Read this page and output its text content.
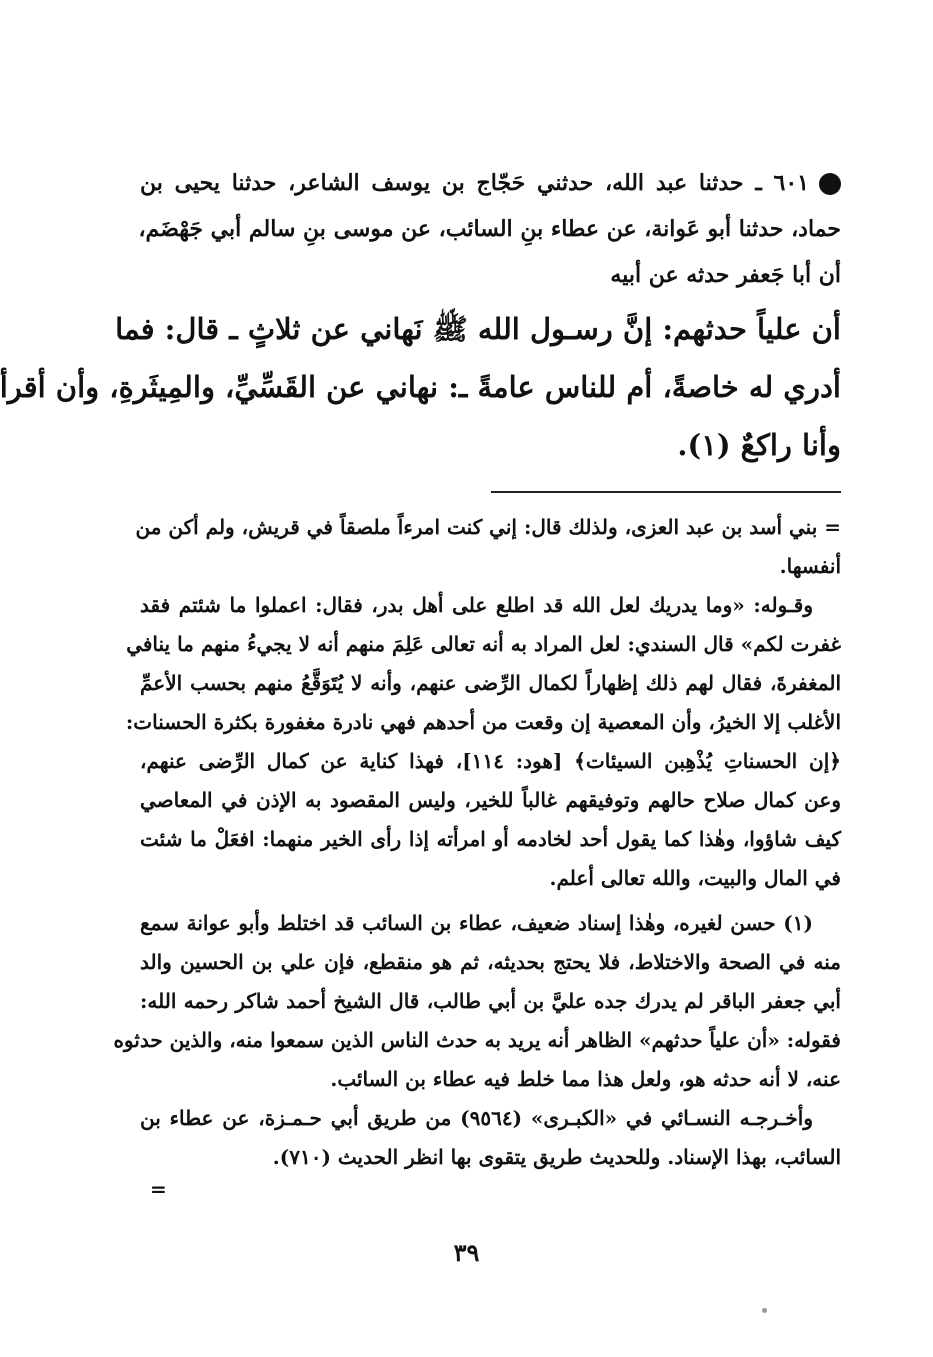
٦٠١ ـ حدثنا عبد الله، حدثني حَجّاج بن يوسف الشاعر، حدثنا يحيى بن
حماد، حدثنا أبو عَوانة، عن عطاء بنِ السائب، عن موسى بنِ سالم أبي جَهْضَم،
أن أبا جَعفر حدثه عن أبيه
أن علياً حدثهم: إنَّ رسـول الله ﷺ نَهاني عن ثلاثٍ ـ قال: فما
أدري له خاصةً، أم للناس عامةً ـ: نهاني عن القَسِّيِّ، والمِيثَرةِ، وأن أقرأ
وأنا راكعٌ (١).
= بني أسد بن عبد العزى، ولذلك قال: إني كنت امرءاً ملصقاً في قريش، ولم أكن من
أنفسها.
وقـوله: «وما يدريك لعل الله قد اطلع على أهل بدر، فقال: اعملوا ما شئتم فقد
غفرت لكم» قال السندي: لعل المراد به أنه تعالى عَلِمَ منهم أنه لا يجيءُ منهم ما ينافي
المغفرةَ، فقال لهم ذلك إظهاراً لكمال الرِّضى عنهم، وأنه لا يُتَوَقَّعُ منهم بحسب الأعمِّ
الأغلب إلا الخيرُ، وأن المعصية إن وقعت من أحدهم فهي نادرة مغفورة بكثرة الحسنات:
﴿إن الحسناتِ يُذْهِبن السيئات﴾ [هود: ١١٤]، فهذا كناية عن كمال الرِّضى عنهم،
وعن كمال صلاح حالهم وتوفيقهم غالباً للخير، وليس المقصود به الإذن في المعاصي
كيف شاؤوا، وهٰذا كما يقول أحد لخادمه أو امرأته إذا رأى الخير منهما: افعَلْ ما شئت
في المال والبيت، والله تعالى أعلم.
(١) حسن لغيره، وهٰذا إسناد ضعيف، عطاء بن السائب قد اختلط وأبو عوانة سمع
منه في الصحة والاختلاط، فلا يحتج بحديثه، ثم هو منقطع، فإن علي بن الحسين والد
أبي جعفر الباقر لم يدرك جده عليَّ بن أبي طالب، قال الشيخ أحمد شاكر رحمه الله:
فقوله: «أن علياً حدثهم» الظاهر أنه يريد به حدث الناس الذين سمعوا منه، والذين حدثوه
عنه، لا أنه حدثه هو، ولعل هذا مما خلط فيه عطاء بن السائب.
وأخـرجـه النسـائي في «الكبـرى» (٩٥٦٤) من طريق أبي حـمـزة، عن عطاء بن
السائب، بهذا الإسناد. وللحديث طريق يتقوى بها انظر الحديث (٧١٠).
=
٣٩
